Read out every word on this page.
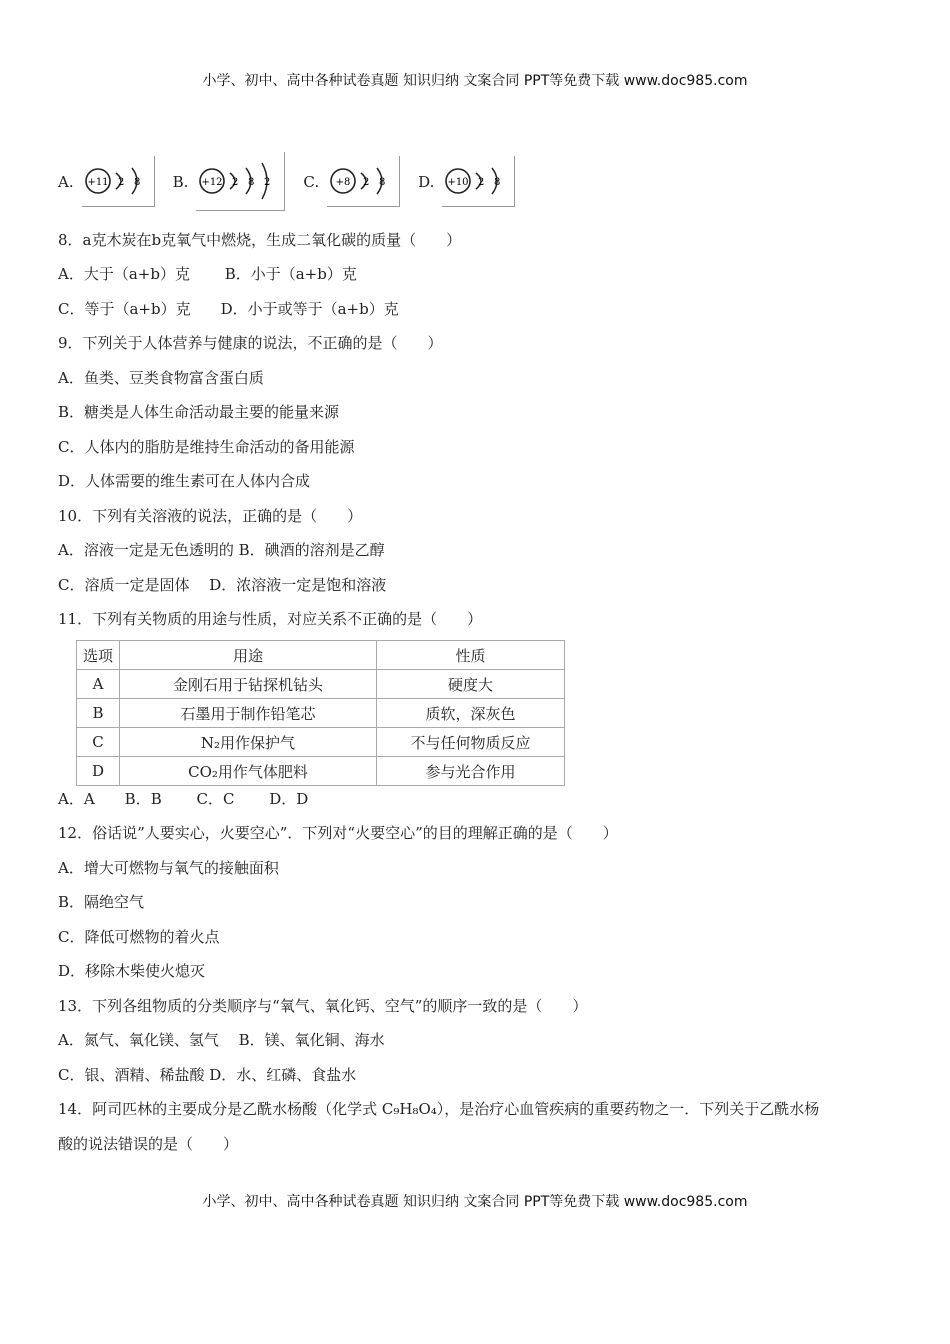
小学、初中、高中各种试卷真题 知识归纳 文案合同 PPT等免费下载 www.doc985.com
A. +11 2 8 B. +12 2 8 2 C. +8 2 8 D. +10 2 8
8．a克木炭在b克氧气中燃烧，生成二氧化碳的质量（　　）
A．大于（a+b）克　　 B．小于（a+b）克
C．等于（a+b）克　　D．小于或等于（a+b）克
9．下列关于人体营养与健康的说法，不正确的是（　　）
A．鱼类、豆类食物富含蛋白质
B．糖类是人体生命活动最主要的能量来源
C．人体内的脂肪是维持生命活动的备用能源
D．人体需要的维生素可在人体内合成
10．下列有关溶液的说法，正确的是（　　）
A．溶液一定是无色透明的 B．碘酒的溶剂是乙醇
C．溶质一定是固体　 D．浓溶液一定是饱和溶液
11．下列有关物质的用途与性质，对应关系不正确的是（　　）
选项	用途	性质
A	金刚石用于钻探机钻头	硬度大
B	石墨用于制作铅笔芯	质软，深灰色
C	N₂用作保护气	不与任何物质反应
D	CO₂用作气体肥料	参与光合作用
A．A　　B．B　　 C．C　　 D．D
12．俗话说”人要实心，火要空心”．下列对“火要空心”的目的理解正确的是（　　）
A．增大可燃物与氧气的接触面积
B．隔绝空气
C．降低可燃物的着火点
D．移除木柴使火熄灭
13．下列各组物质的分类顺序与“氧气、氧化钙、空气”的顺序一致的是（　　）
A．氮气、氧化镁、氢气　 B．镁、氧化铜、海水
C．银、酒精、稀盐酸 D．水、红磷、食盐水
14．阿司匹林的主要成分是乙酰水杨酸（化学式 C₉H₈O₄），是治疗心血管疾病的重要药物之一．下列关于乙酰水杨
酸的说法错误的是（　　）
小学、初中、高中各种试卷真题 知识归纳 文案合同 PPT等免费下载 www.doc985.com
